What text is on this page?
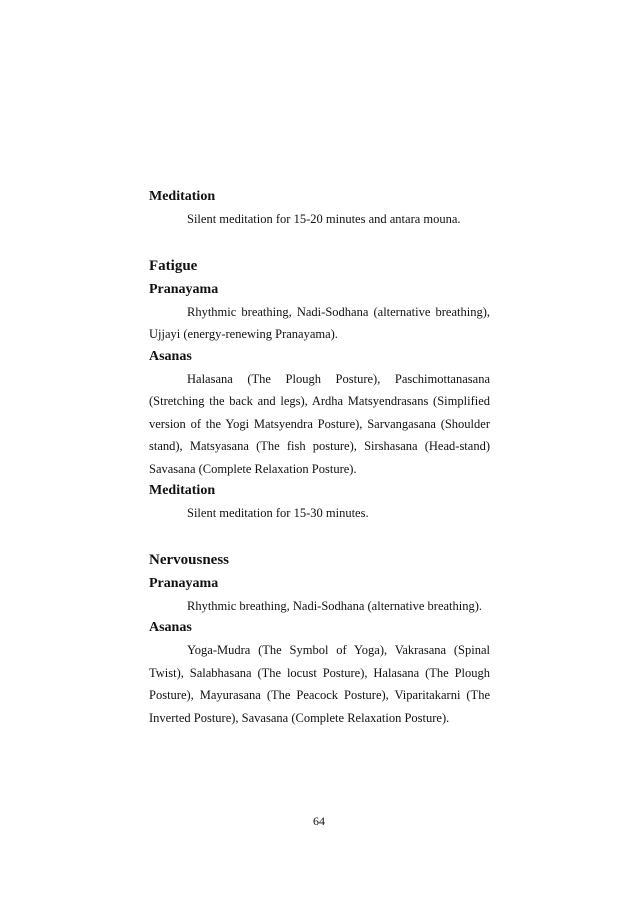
Meditation

Silent meditation for 15-20 minutes and antara mouna.

Fatigue

Pranayama

Rhythmic breathing, Nadi-Sodhana (alternative breathing), Ujjayi (energy-renewing Pranayama).

Asanas

Halasana (The Plough Posture), Paschimottanasana (Stretching the back and legs), Ardha Matsyendrasans (Simplified version of the Yogi Matsyendra Posture), Sarvangasana (Shoulder stand), Matsyasana (The fish posture), Sirshasana (Head-stand) Savasana (Complete Relaxation Posture).

Meditation

Silent meditation for 15-30 minutes.

Nervousness

Pranayama

Rhythmic breathing, Nadi-Sodhana (alternative breathing).

Asanas

Yoga-Mudra (The Symbol of Yoga), Vakrasana (Spinal Twist), Salabhasana (The locust Posture), Halasana (The Plough Posture), Mayurasana (The Peacock Posture), Viparitakarni (The Inverted Posture), Savasana (Complete Relaxation Posture).

64
